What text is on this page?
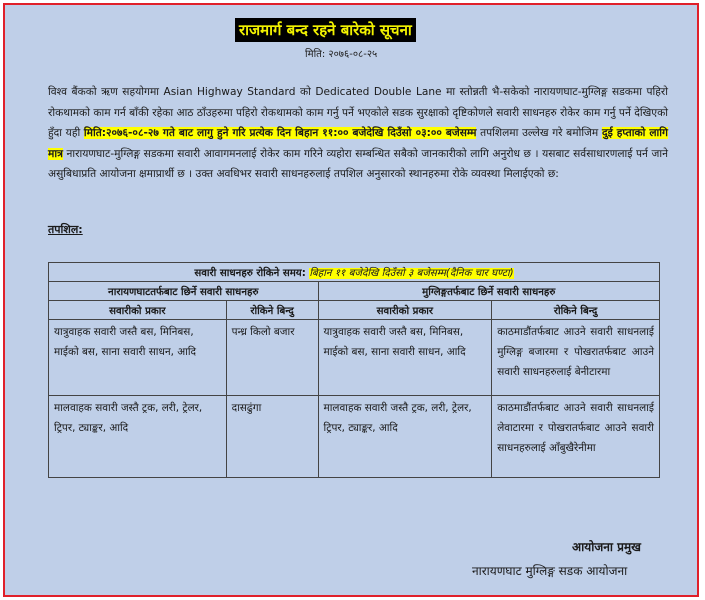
राजमार्ग बन्द रहने बारेको सूचना
मिति: २०७६-०८-२५

विश्व बैंकको ऋण सहयोगमा Asian Highway Standard को Dedicated Double Lane मा स्तोन्नती भै-सकेको नारायणघाट-मुग्लिङ्ग सडकमा पहिरो रोकथामको काम गर्न बाँकी रहेका आठ ठाँउहरुमा पहिरो रोकथामको काम गर्नु पर्ने भएकोले सडक सुरक्षाको दृष्टिकोणले सवारी साधनहरु रोकेर काम गर्नु पर्ने देखिएको हुँदा यही मिति:२०७६-०८-२७ गते बाट लागु हुने गरि प्रत्येक दिन बिहान ११:०० बजेदेखि दिउँसो ०३:०० बजेसम्म तपशिलमा उल्लेख गरे बमोजिम दुई हप्ताको लागि मात्र नारायणघाट-मुग्लिङ्ग सडकमा सवारी आवागमनलाई रोकेर काम गरिने व्यहोरा सम्बन्धित सबैको जानकारीको लागि अनुरोध छ । यसबाट सर्वसाधारणलाई पर्न जाने असुबिधाप्रति आयोजना क्षमाप्रार्थी छ । उक्त अवधिभर सवारी साधनहरुलाई तपशिल अनुसारको स्थानहरुमा रोके व्यवस्था मिलाईएको छ:

तपशिल:
सवारी साधनहरु रोकिने समय: बिहान ११ बजेदेखि दिउँसो ३ बजेसम्म(दैनिक चार घण्टा)			
नारायणघाटतर्फबाट छिर्ने सवारी साधनहरु		मुग्लिङ्गतर्फबाट छिर्ने सवारी साधनहरु	
सवारीको प्रकार	रोकिने बिन्दु	सवारीको प्रकार	रोकिने बिन्दु
यात्रुवाहक सवारी जस्तै बस, मिनिबस, माईको बस, साना सवारी साधन, आदि	पन्ध्र किलो बजार	यात्रुवाहक सवारी जस्तै बस, मिनिबस, माईको बस, साना सवारी साधन, आदि	काठमाडौंतर्फबाट आउने सवारी साधनलाई मुग्लिङ्ग बजारमा र पोखरातर्फबाट आउने सवारी साधनहरुलाई बेनीटारमा
मालवाहक सवारी जस्तै ट्रक, लरी, ट्रेलर, ट्रिपर, ट्याङ्कर, आदि	दासढुंगा	मालवाहक सवारी जस्तै ट्रक, लरी, ट्रेलर, ट्रिपर, ट्याङ्कर, आदि	काठमाडौंतर्फबाट आउने सवारी साधनलाई लेवाटारमा र पोखरातर्फबाट आउने सवारी साधनहरुलाई आँबुखैरेनीमा
आयोजना प्रमुख
नारायणघाट मुग्लिङ्ग सडक आयोजना
